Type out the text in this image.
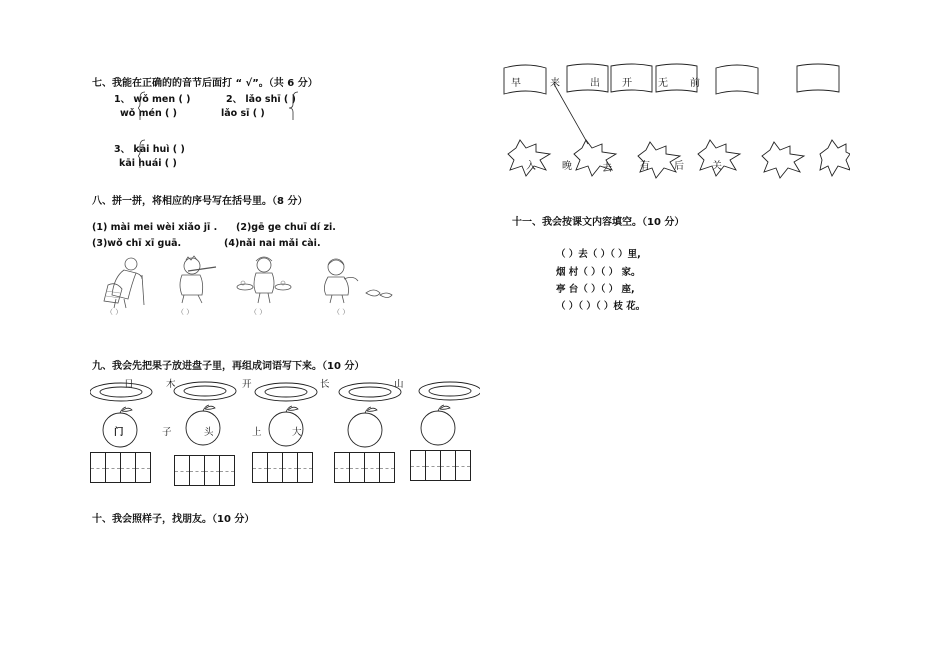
七、我能在正确的的音节后面打 “ √”。（共 6 分）
1、 wǒ men ( )
wǒ mén ( )
2、 lǎo shī ( )
lǎo sī ( )
3、 kāi huì ( )
kāi huái ( )
八、拼一拼，将相应的序号写在括号里。（8 分）
(1) mài mei wèi xiǎo jī . (2)gē ge chuī dí zi.
(3)wǒ chī xī guā.	(4)nǎi nai mǎi cài.
（ ）	（ ）	（ ）	（ ）
九、我会先把果子放进盘子里，再组成词语写下来。（10 分）
日	木	开	长	山
门	子	头	上	大
十、我会照样子，找朋友。（10 分）
早	来	出 开	无 前
入	晚	去	有 后	关
十一、我会按课文内容填空。（10 分）
（ ）去（ ）（ ）里,
烟 村（ ）（ ） 家。
亭 台（ ）（ ） 座,
（ ）（ ）（ ）枝 花。
